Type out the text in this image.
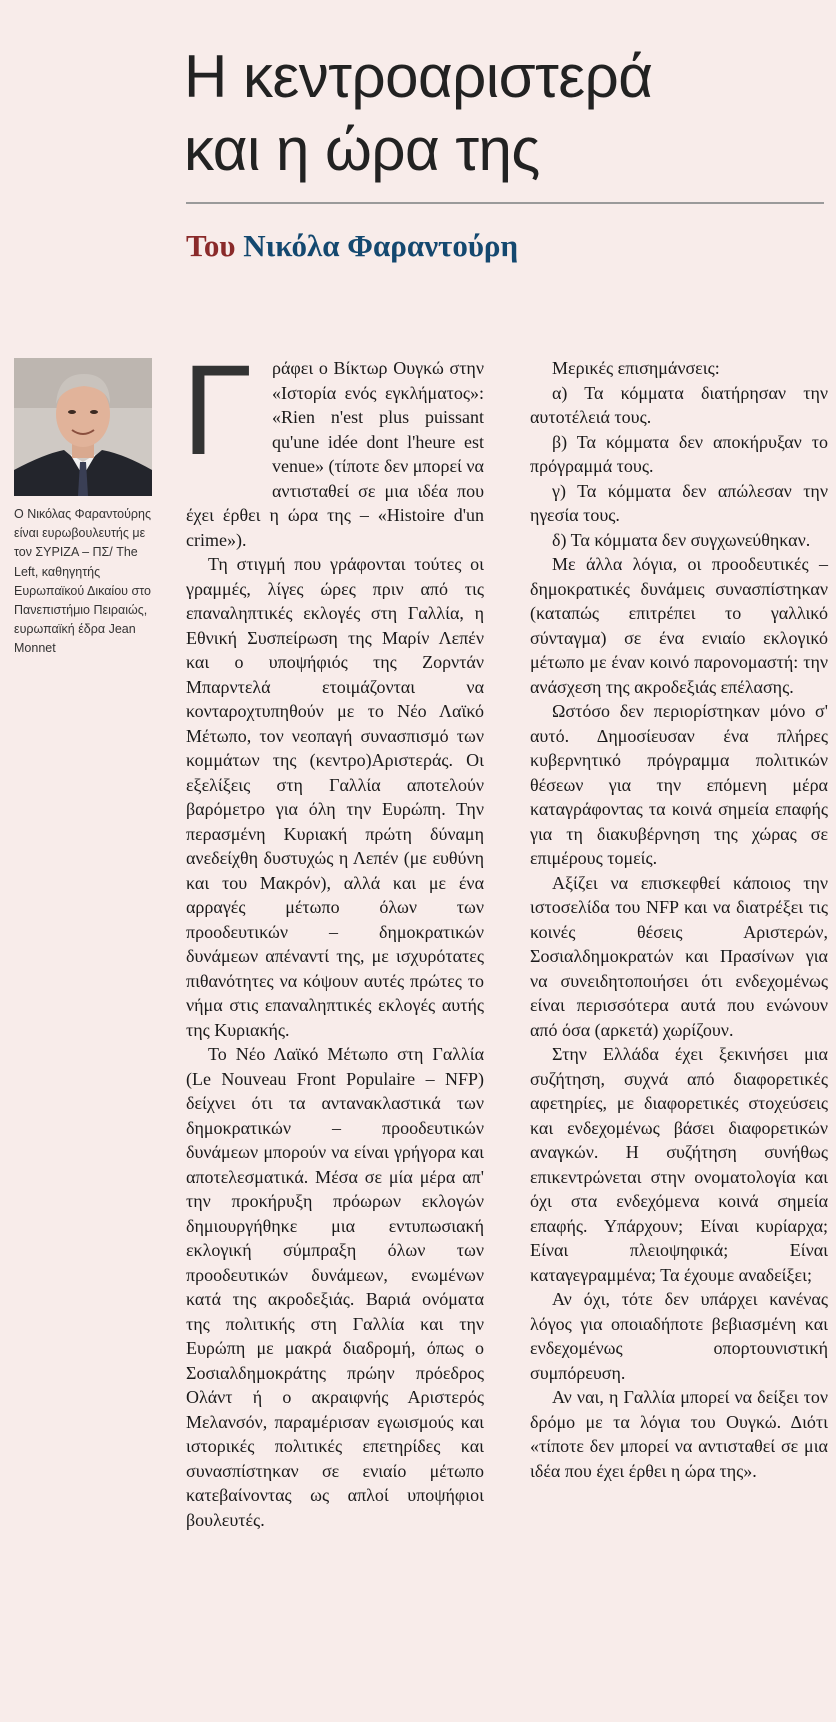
Η κεντροαριστερά
και η ώρα της
Του Νικόλα Φαραντούρη
Ο Νικόλας Φαραντούρης είναι ευρωβουλευτής με τον ΣΥΡΙΖΑ – ΠΣ/ The Left, καθηγητής Ευρωπαϊκού Δικαίου στο Πανεπιστήμιο Πειραιώς, ευρωπαϊκή έδρα Jean Monnet

Γ	ράφει ο Βίκτωρ Ουγκώ στην «Ιστορία ενός εγκλήματος»: «Rien n'est plus puissant qu'une idée dont l'heure est venue» (τίποτε δεν μπορεί να αντισταθεί σε μια ιδέα που έχει έρθει η ώρα της – «Histoire d'un crime»).

Τη στιγμή που γράφονται τούτες οι γραμμές, λίγες ώρες πριν από τις επαναληπτικές εκλογές στη Γαλλία, η Εθνική Συσπείρωση της Μαρίν Λεπέν και ο υποψήφιός της Ζορντάν Μπαρντελά ετοιμάζονται να κονταροχτυπηθούν με το Νέο Λαϊκό Μέτωπο, τον νεοπαγή συνασπισμό των κομμάτων της (κεντρο)Αριστεράς. Οι εξελίξεις στη Γαλλία αποτελούν βαρόμετρο για όλη την Ευρώπη. Την περασμένη Κυριακή πρώτη δύναμη ανεδείχθη δυστυχώς η Λεπέν (με ευθύνη και του Μακρόν), αλλά και με ένα αρραγές μέτωπο όλων των προοδευτικών – δημοκρατικών δυνάμεων απέναντί της, με ισχυρότατες πιθανότητες να κόψουν αυτές πρώτες το νήμα στις επαναληπτικές εκλογές αυτής της Κυριακής.

Το Νέο Λαϊκό Μέτωπο στη Γαλλία (Le Nouveau Front Populaire – NFP) δείχνει ότι τα αντανακλαστικά των δημοκρατικών – προοδευτικών δυνάμεων μπορούν να είναι γρήγορα και αποτελεσματικά. Μέσα σε μία μέρα απ' την προκήρυξη πρόωρων εκλογών δημιουργήθηκε μια εντυπωσιακή εκλογική σύμπραξη όλων των προοδευτικών δυνάμεων, ενωμένων κατά της ακροδεξιάς. Βαριά ονόματα της πολιτικής στη Γαλλία και την Ευρώπη με μακρά διαδρομή, όπως ο Σοσιαλδημοκράτης πρώην πρόεδρος Ολάντ ή ο ακραιφνής Αριστερός Μελανσόν, παραμέρισαν εγωισμούς και ιστορικές πολιτικές επετηρίδες και συνασπίστηκαν σε ενιαίο μέτωπο κατεβαίνοντας ως απλοί υποψήφιοι βουλευτές.

Μερικές επισημάνσεις:

α) Τα κόμματα διατήρησαν την αυτοτέλειά τους.

β) Τα κόμματα δεν αποκήρυξαν το πρόγραμμά τους.

γ) Τα κόμματα δεν απώλεσαν την ηγεσία τους.

δ) Τα κόμματα δεν συγχωνεύθηκαν.

Με άλλα λόγια, οι προοδευτικές – δημοκρατικές δυνάμεις συνασπίστηκαν (καταπώς επιτρέπει το γαλλικό σύνταγμα) σε ένα ενιαίο εκλογικό μέτωπο με έναν κοινό παρονομαστή: την ανάσχεση της ακροδεξιάς επέλασης.

Ωστόσο δεν περιορίστηκαν μόνο σ' αυτό. Δημοσίευσαν ένα πλήρες κυβερνητικό πρόγραμμα πολιτικών θέσεων για την επόμενη μέρα καταγράφοντας τα κοινά σημεία επαφής για τη διακυβέρνηση της χώρας σε επιμέρους τομείς.

Αξίζει να επισκεφθεί κάποιος την ιστοσελίδα του NFP και να διατρέξει τις κοινές θέσεις Αριστερών, Σοσιαλδημοκρατών και Πρασίνων για να συνειδητοποιήσει ότι ενδεχομένως είναι περισσότερα αυτά που ενώνουν από όσα (αρκετά) χωρίζουν.

Στην Ελλάδα έχει ξεκινήσει μια συζήτηση, συχνά από διαφορετικές αφετηρίες, με διαφορετικές στοχεύσεις και ενδεχομένως βάσει διαφορετικών αναγκών. Η συζήτηση συνήθως επικεντρώνεται στην ονοματολογία και όχι στα ενδεχόμενα κοινά σημεία επαφής. Υπάρχουν; Είναι κυρίαρχα; Είναι πλειοψηφικά; Είναι καταγεγραμμένα; Τα έχουμε αναδείξει;

Αν όχι, τότε δεν υπάρχει κανένας λόγος για οποιαδήποτε βεβιασμένη και ενδεχομένως οπορτουνιστική συμπόρευση.

Αν ναι, η Γαλλία μπορεί να δείξει τον δρόμο με τα λόγια του Ουγκώ. Διότι «τίποτε δεν μπορεί να αντισταθεί σε μια ιδέα που έχει έρθει η ώρα της».
